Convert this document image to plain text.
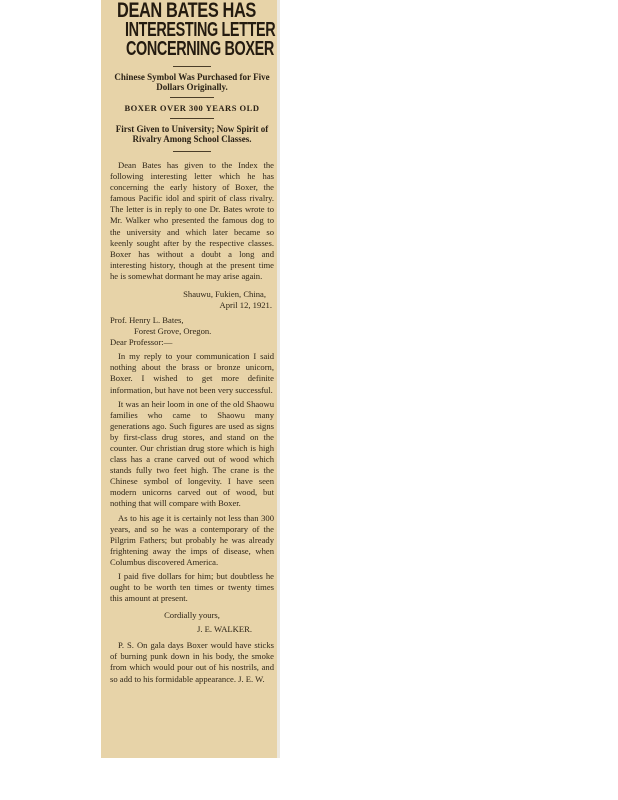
DEAN BATES HAS
INTERESTING LETTER
CONCERNING BOXER

Chinese Symbol Was Purchased for Five Dollars Originally.

BOXER OVER 300 YEARS OLD

First Given to University; Now Spirit of Rivalry Among School Classes.

Dean Bates has given to the Index the following interesting letter which he has concerning the early history of Boxer, the famous Pacific idol and spirit of class rivalry. The letter is in reply to one Dr. Bates wrote to Mr. Walker who presented the famous dog to the university and which later became so keenly sought after by the respective classes. Boxer has without a doubt a long and interesting history, though at the present time he is somewhat dormant he may arise again.

Shauwu, Fukien, China,

April 12, 1921.

Prof. Henry L. Bates,

Forest Grove, Oregon.

Dear Professor:—

In my reply to your communication I said nothing about the brass or bronze unicorn, Boxer. I wished to get more definite information, but have not been very successful.

It was an heir loom in one of the old Shaowu families who came to Shaowu many generations ago. Such figures are used as signs by first-class drug stores, and stand on the counter. Our christian drug store which is high class has a crane carved out of wood which stands fully two feet high. The crane is the Chinese symbol of longevity. I have seen modern unicorns carved out of wood, but nothing that will compare with Boxer.

As to his age it is certainly not less than 300 years, and so he was a contemporary of the Pilgrim Fathers; but probably he was already frightening away the imps of disease, when Columbus discovered America.

I paid five dollars for him; but doubtless he ought to be worth ten times or twenty times this amount at present.

Cordially yours,

J. E. WALKER.

P. S. On gala days Boxer would have sticks of burning punk down in his body, the smoke from which would pour out of his nostrils, and so add to his formidable appearance. J. E. W.
